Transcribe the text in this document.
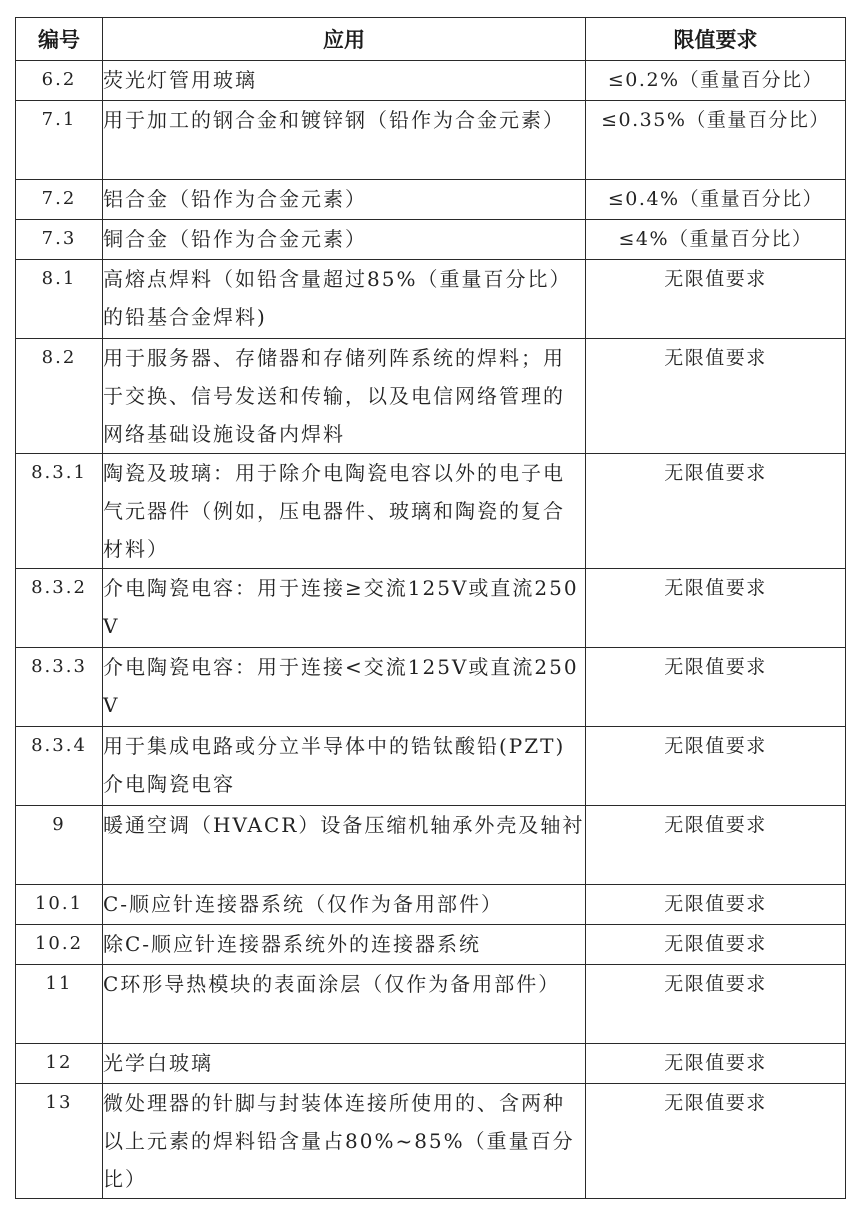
编号	应用	限值要求
6.2	荧光灯管用玻璃	≤0.2%（重量百分比）
7.1	用于加工的钢合金和镀锌钢（铅作为合金元素）	≤0.35%（重量百分比）
7.2	铝合金（铅作为合金元素）	≤0.4%（重量百分比）
7.3	铜合金（铅作为合金元素）	≤4%（重量百分比）
8.1	高熔点焊料（如铅含量超过85%（重量百分比）的铅基合金焊料)	无限值要求
8.2	用于服务器、存储器和存储列阵系统的焊料；用于交换、信号发送和传输，以及电信网络管理的网络基础设施设备内焊料	无限值要求
8.3.1	陶瓷及玻璃：用于除介电陶瓷电容以外的电子电气元器件（例如，压电器件、玻璃和陶瓷的复合材料）	无限值要求
8.3.2	介电陶瓷电容：用于连接≥交流125V或直流250V	无限值要求
8.3.3	介电陶瓷电容：用于连接<交流125V或直流250V	无限值要求
8.3.4	用于集成电路或分立半导体中的锆钛酸铅(PZT)介电陶瓷电容	无限值要求
9	暖通空调（HVACR）设备压缩机轴承外壳及轴衬	无限值要求
10.1	C-顺应针连接器系统（仅作为备用部件）	无限值要求
10.2	除C-顺应针连接器系统外的连接器系统	无限值要求
11	C环形导热模块的表面涂层（仅作为备用部件）	无限值要求
12	光学白玻璃	无限值要求
13	微处理器的针脚与封装体连接所使用的、含两种以上元素的焊料铅含量占80%~85%（重量百分比）	无限值要求
